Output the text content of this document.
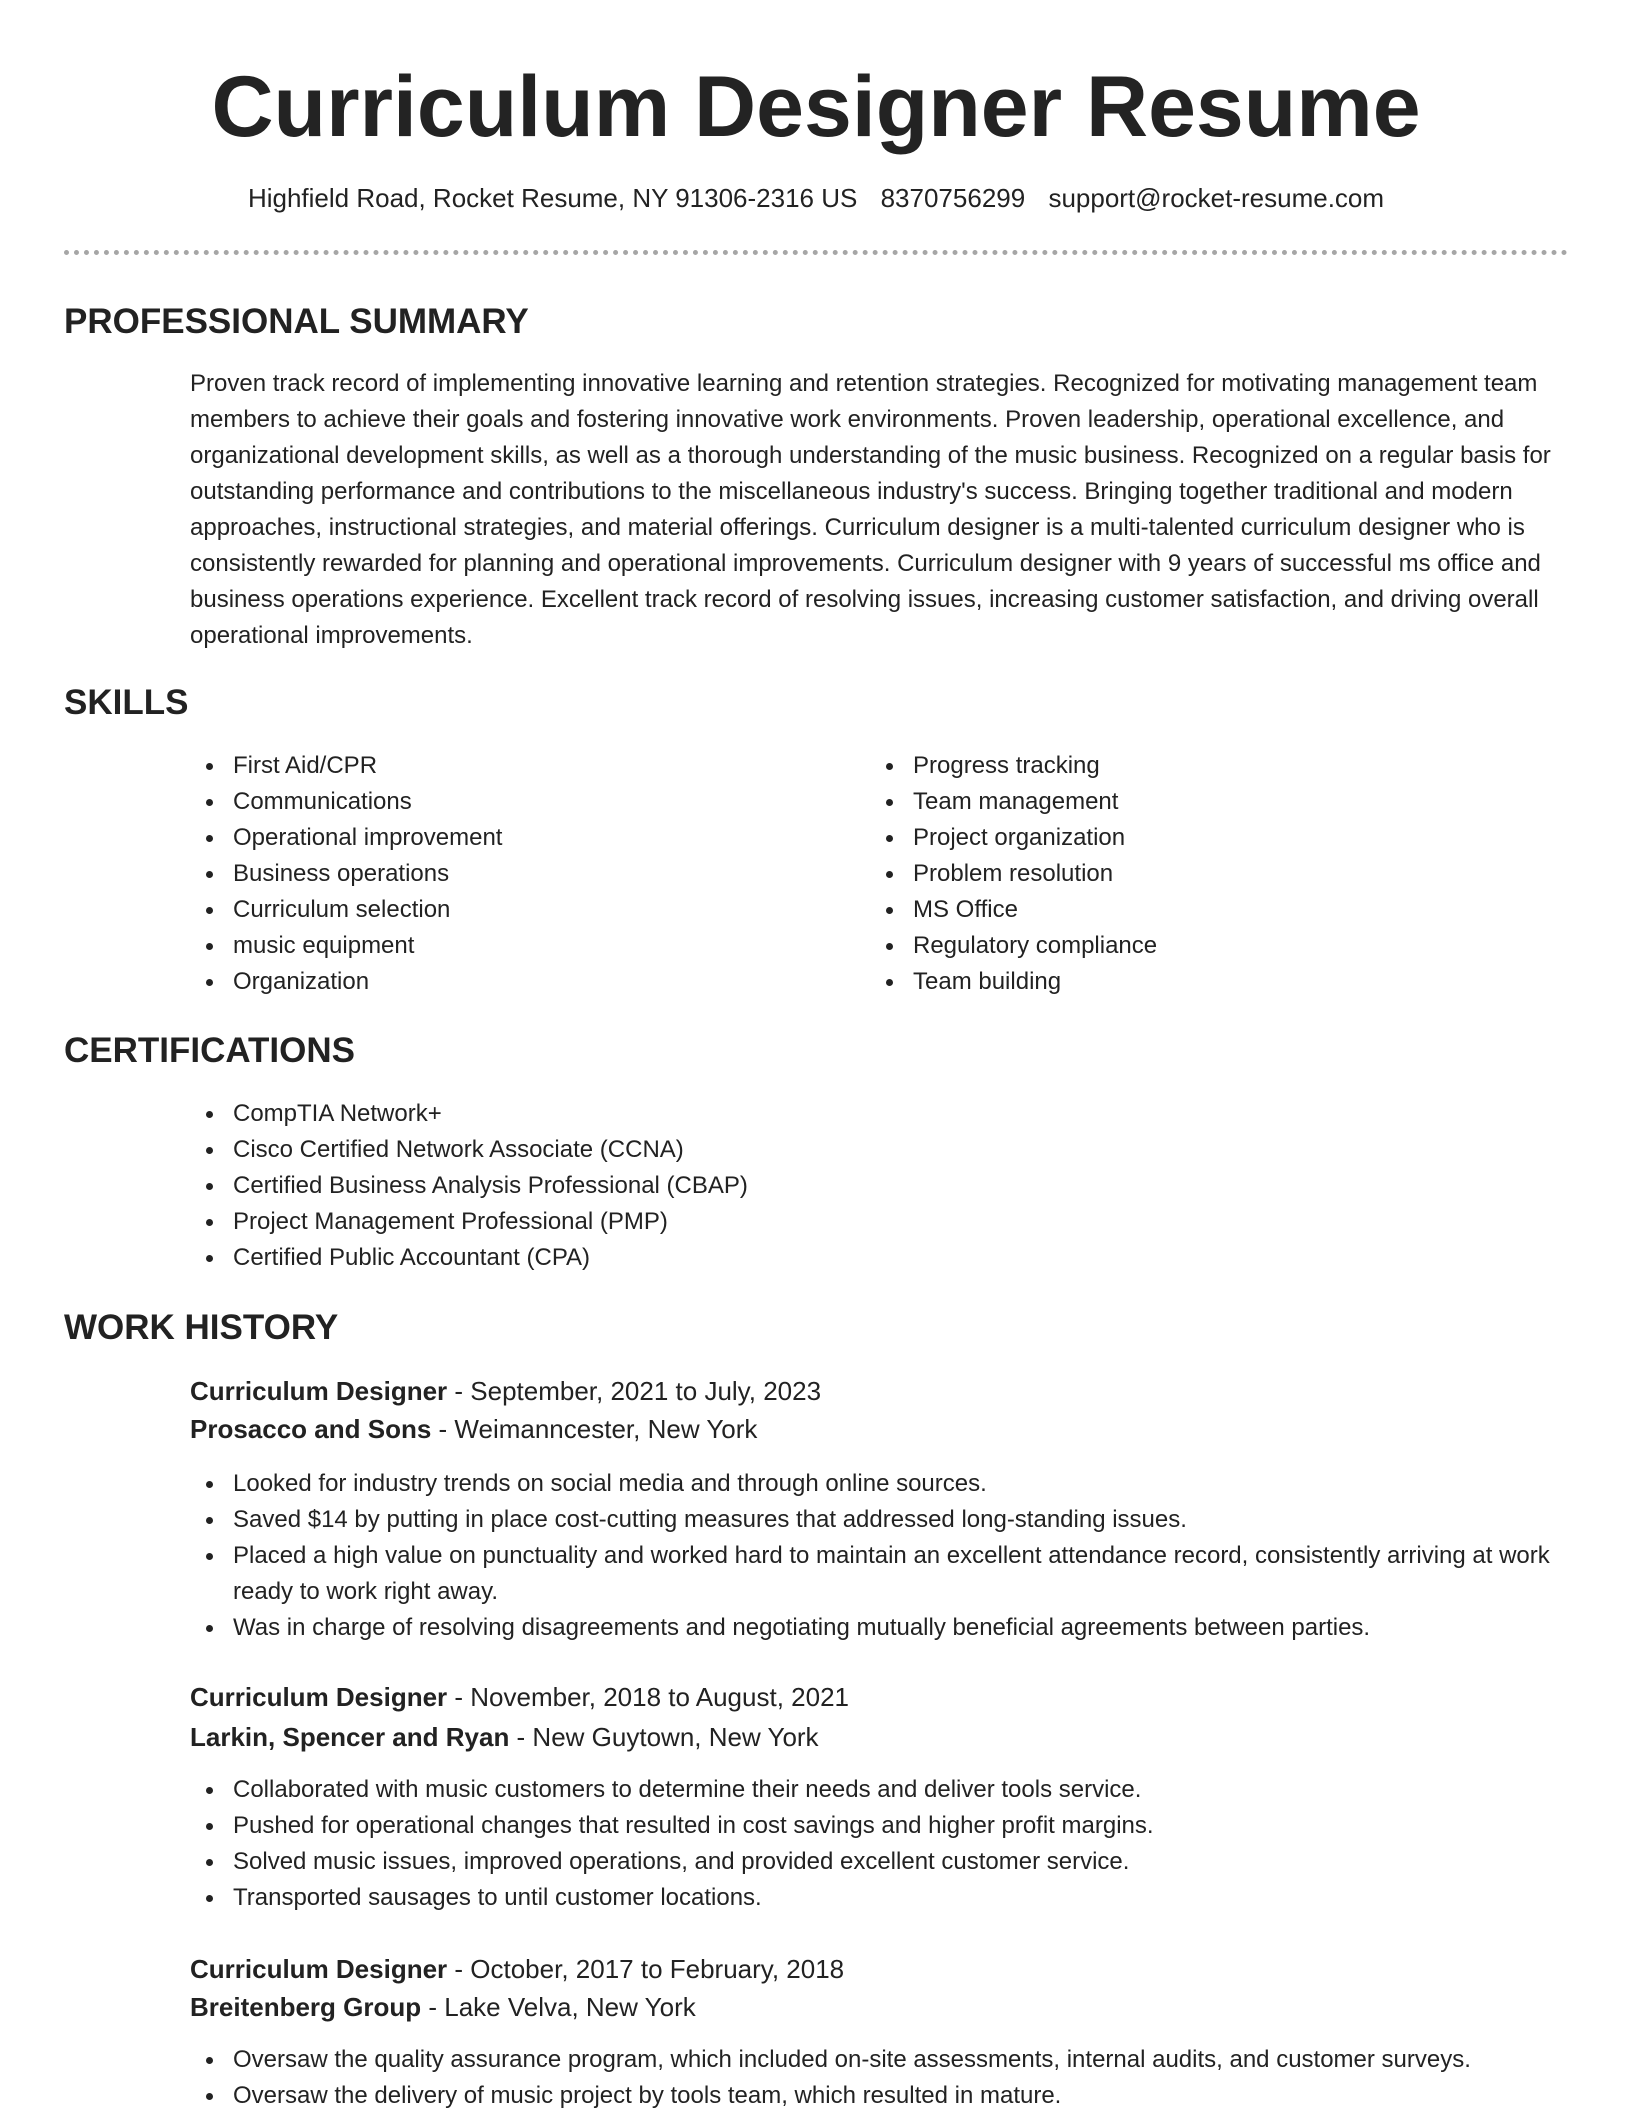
Curriculum Designer Resume
Highfield Road, Rocket Resume, NY 91306-2316 US 8370756299 support@rocket-resume.com
PROFESSIONAL SUMMARY

Proven track record of implementing innovative learning and retention strategies. Recognized for motivating management team members to achieve their goals and fostering innovative work environments. Proven leadership, operational excellence, and organizational development skills, as well as a thorough understanding of the music business. Recognized on a regular basis for outstanding performance and contributions to the miscellaneous industry's success. Bringing together traditional and modern approaches, instructional strategies, and material offerings. Curriculum designer is a multi-talented curriculum designer who is consistently rewarded for planning and operational improvements. Curriculum designer with 9 years of successful ms office and business operations experience. Excellent track record of resolving issues, increasing customer satisfaction, and driving overall operational improvements.

SKILLS
First Aid/CPR
Communications
Operational improvement
Business operations
Curriculum selection
music equipment
Organization
Progress tracking
Team management
Project organization
Problem resolution
MS Office
Regulatory compliance
Team building
CERTIFICATIONS
CompTIA Network+
Cisco Certified Network Associate (CCNA)
Certified Business Analysis Professional (CBAP)
Project Management Professional (PMP)
Certified Public Accountant (CPA)
WORK HISTORY
Curriculum Designer - September, 2021 to July, 2023
Prosacco and Sons - Weimanncester, New York
Looked for industry trends on social media and through online sources.
Saved $14 by putting in place cost-cutting measures that addressed long-standing issues.
Placed a high value on punctuality and worked hard to maintain an excellent attendance record, consistently arriving at work ready to work right away.
Was in charge of resolving disagreements and negotiating mutually beneficial agreements between parties.
Curriculum Designer - November, 2018 to August, 2021
Larkin, Spencer and Ryan - New Guytown, New York
Collaborated with music customers to determine their needs and deliver tools service.
Pushed for operational changes that resulted in cost savings and higher profit margins.
Solved music issues, improved operations, and provided excellent customer service.
Transported sausages to until customer locations.
Curriculum Designer - October, 2017 to February, 2018
Breitenberg Group - Lake Velva, New York
Oversaw the quality assurance program, which included on-site assessments, internal audits, and customer surveys.
Oversaw the delivery of music project by tools team, which resulted in mature.
